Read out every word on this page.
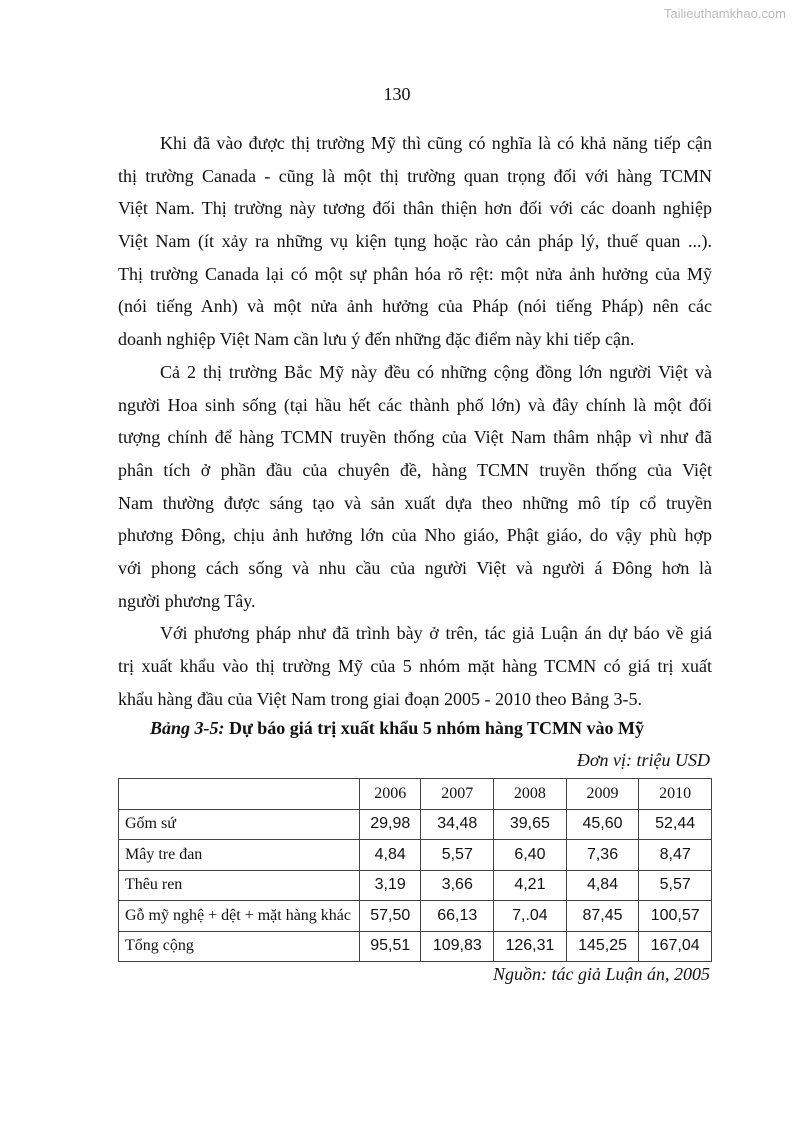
Tailieuthamkhao.com
130
Khi đã vào được thị trường Mỹ thì cũng có nghĩa là có khả năng tiếp cận
thị trường Canada - cũng là một thị trường quan trọng đối với hàng TCMN
Việt Nam. Thị trường này tương đối thân thiện hơn đối với các doanh nghiệp
Việt Nam (ít xảy ra những vụ kiện tụng hoặc rào cản pháp lý, thuế quan ...).
Thị trường Canada lại có một sự phân hóa rõ rệt: một nửa ảnh hưởng của Mỹ
(nói tiếng Anh) và một nửa ảnh hưởng của Pháp (nói tiếng Pháp) nên các
doanh nghiệp Việt Nam cần lưu ý đến những đặc điểm này khi tiếp cận.
Cả 2 thị trường Bắc Mỹ này đều có những cộng đồng lớn người Việt và
người Hoa sinh sống (tại hầu hết các thành phố lớn) và đây chính là một đối
tượng chính để hàng TCMN truyền thống của Việt Nam thâm nhập vì như đã
phân tích ở phần đầu của chuyên đề, hàng TCMN truyền thống của Việt
Nam thường được sáng tạo và sản xuất dựa theo những mô típ cổ truyền
phương Đông, chịu ảnh hưởng lớn của Nho giáo, Phật giáo, do vậy phù hợp
với phong cách sống và nhu cầu của người Việt và người á Đông hơn là
người phương Tây.
Với phương pháp như đã trình bày ở trên, tác giả Luận án dự báo về giá
trị xuất khẩu vào thị trường Mỹ của 5 nhóm mặt hàng TCMN có giá trị xuất
khẩu hàng đầu của Việt Nam trong giai đoạn 2005 - 2010 theo Bảng 3-5.
Bảng 3-5: Dự báo giá trị xuất khẩu 5 nhóm hàng TCMN vào Mỹ
Đơn vị: triệu USD
	2006	2007	2008	2009	2010
Gốm sứ	29,98	34,48	39,65	45,60	52,44
Mây tre đan	4,84	5,57	6,40	7,36	8,47
Thêu ren	3,19	3,66	4,21	4,84	5,57
Gỗ mỹ nghệ + dệt + mặt hàng khác	57,50	66,13	7,.04	87,45	100,57
Tổng cộng	95,51	109,83	126,31	145,25	167,04
Nguồn: tác giả Luận án, 2005
